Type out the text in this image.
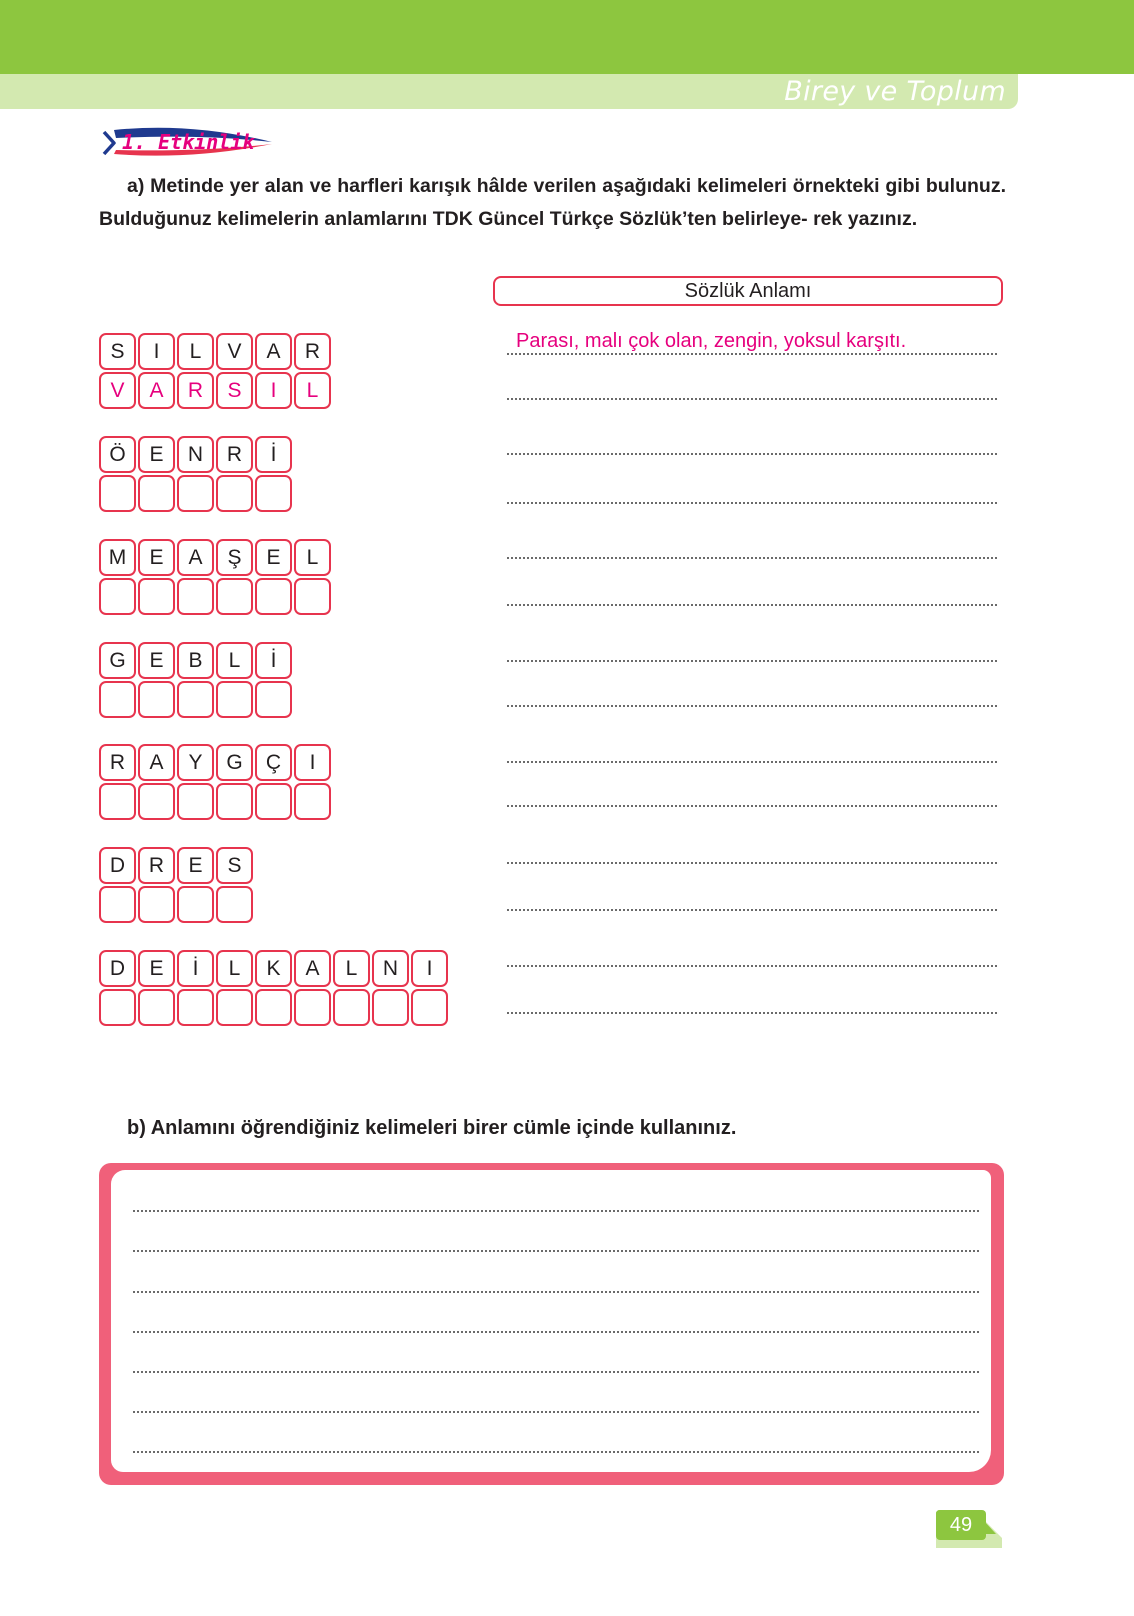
Birey ve Toplum
1. Etkinlik
a) Metinde yer alan ve harfleri karışık hâlde verilen aşağıdaki kelimeleri örnekteki gibi bulunuz. Bulduğunuz kelimelerin anlamlarını TDK Güncel Türkçe Sözlük’ten belirleye- rek yazınız.
Sözlük Anlamı
S	I	L	V	A	R
V	A	R	S	I	L
Ö	E	N	R	İ
M	E	A	Ş	E	L
G	E	B	L	İ
R	A	Y	G	Ç	I
D	R	E	S
D	E	İ	L	K	A	L	N	I
Parası, malı çok olan, zengin, yoksul karşıtı.
b) Anlamını öğrendiğiniz kelimeleri birer cümle içinde kullanınız.
49
